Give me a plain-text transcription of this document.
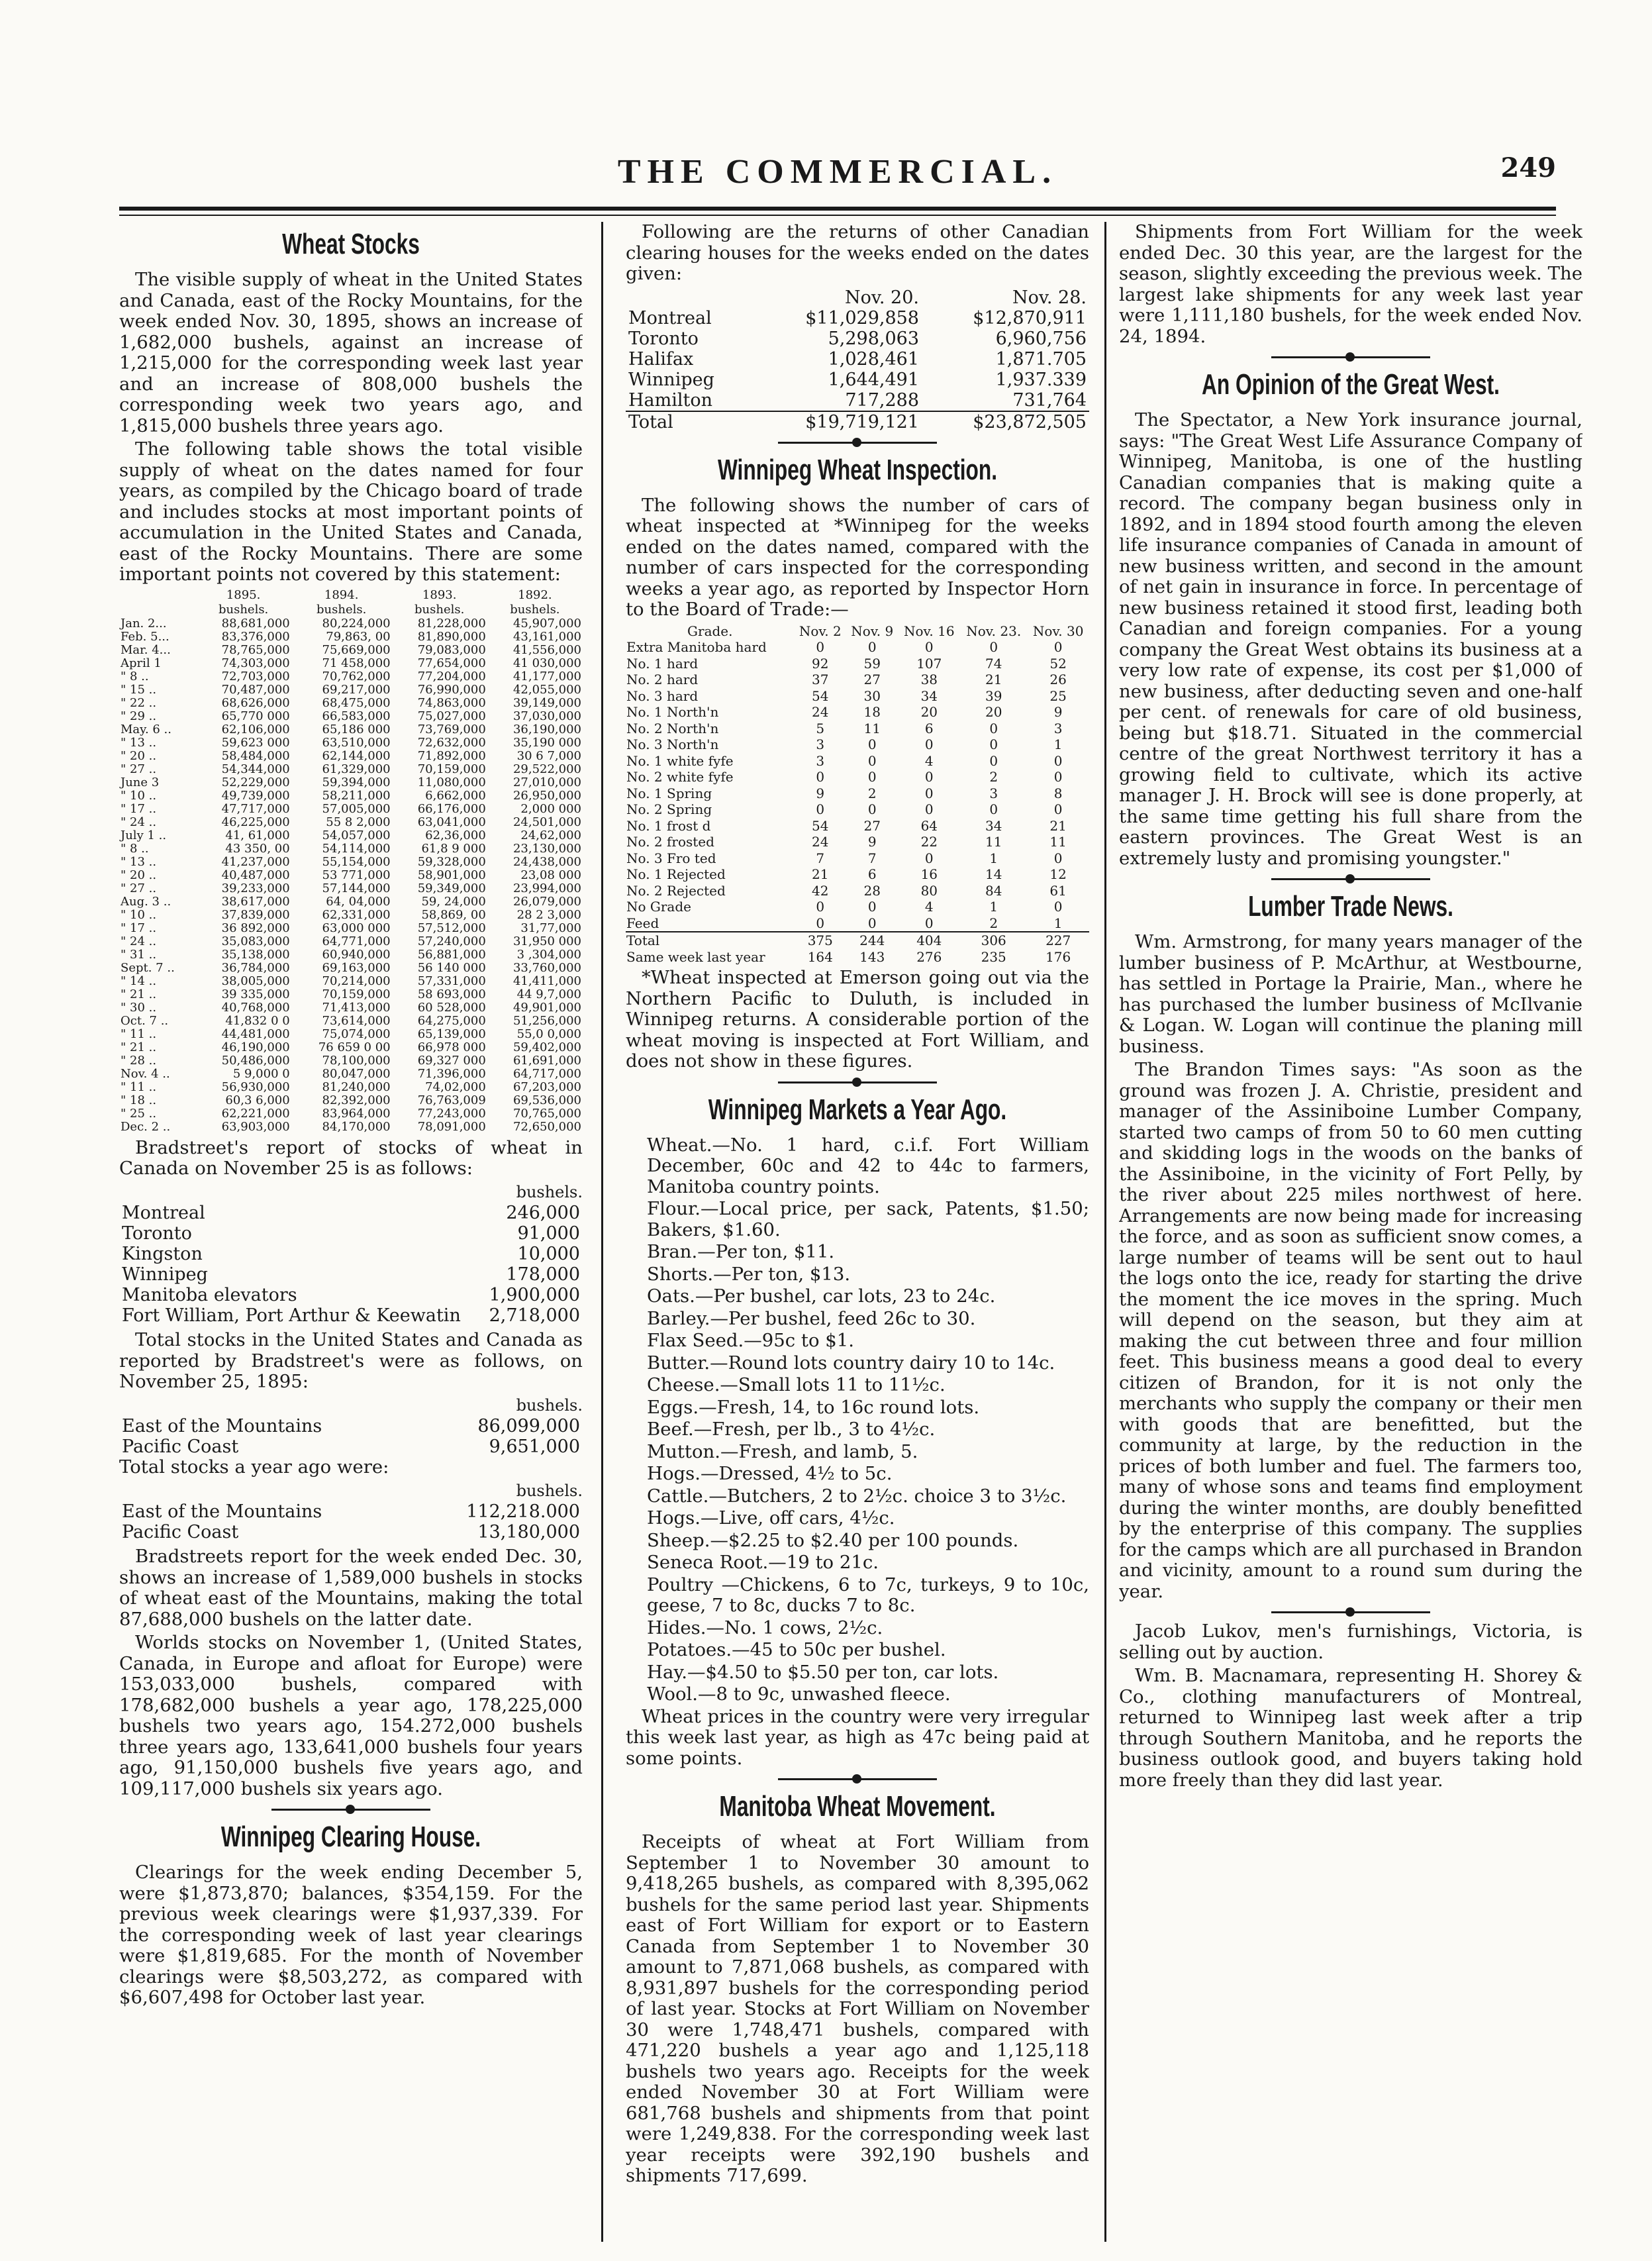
THE COMMERCIAL.	249
Wheat Stocks

The visible supply of wheat in the United States and Canada, east of the Rocky Mountains, for the week ended Nov. 30, 1895, shows an increase of 1,682,000 bushels, against an increase of 1,215,000 for the corresponding week last year and an increase of 808,000 bushels the corresponding week two years ago, and 1,815,000 bushels three years ago.

The following table shows the total visible supply of wheat on the dates named for four years, as compiled by the Chicago board of trade and includes stocks at most important points of accumulation in the United States and Canada, east of the Rocky Mountains. There are some important points not covered by this statement:

	1895.	1894.	1893.	1892.
	bushels.	bushels.	bushels.	bushels.
Jan. 2...	88,681,000	80,224,000	81,228,000	45,907,000
Feb. 5...	83,376,000	79,863, 00	81,890,000	43,161,000
Mar. 4...	78,765,000	75,669,000	79,083,000	41,556,000
April 1	74,303,000	71 458,000	77,654,000	41 030,000
" 8 ..	72,703,000	70,762,000	77,204,000	41,177,000
" 15 ..	70,487,000	69,217,000	76,990,000	42,055,000
" 22 ..	68,626,000	68,475,000	74,863,000	39,149,000
" 29 ..	65,770 000	66,583,000	75,027,000	37,030,000
May. 6 ..	62,106,000	65,186 000	73,769,000	36,190,000
" 13 ..	59,623 000	63,510,000	72,632,000	35,190 000
" 20 ..	58,484,000	62,144,000	71,892,000	30 6 7,000
" 27 ..	54,344,000	61,329,000	70,159,000	29,522,000
June 3	52,229,000	59,394,000	11,080,000	27,010,000
" 10 ..	49,739,000	58,211,000	6,662,000	26,950,000
" 17 ..	47,717,000	57,005,000	66,176,000	2,000 000
" 24 ..	46,225,000	55 8 2,000	63,041,000	24,501,000
July 1 ..	41, 61,000	54,057,000	62,36,000	24,62,000
" 8 ..	43 350, 00	54,114,000	61,8 9 000	23,130,000
" 13 ..	41,237,000	55,154,000	59,328,000	24,438,000
" 20 ..	40,487,000	53 771,000	58,901,000	23,08 000
" 27 ..	39,233,000	57,144,000	59,349,000	23,994,000
Aug. 3 ..	38,617,000	64, 04,000	59, 24,000	26,079,000
" 10 ..	37,839,000	62,331,000	58,869, 00	28 2 3,000
" 17 ..	36 892,000	63,000 000	57,512,000	31,77,000
" 24 ..	35,083,000	64,771,000	57,240,000	31,950 000
" 31 ..	35,138,000	60,940,000	56,881,000	3 ,304,000
Sept. 7 ..	36,784,000	69,163,000	56 140 000	33,760,000
" 14 ..	38,005,000	70,214,000	57,331,000	41,411,000
" 21 ..	39 335,000	70,159,000	58 693,000	44 9,7,000
" 30 ..	40,768,000	71,413,000	60 528,000	49,901,000
Oct. 7 ..	41,832 0 0	73,614,000	64,275,000	51,256,000
" 11 ..	44,481,000	75,074,000	65,139,000	55,0 0,000
" 21 ..	46,190,000	76 659 0 00	66,978 000	59,402,000
" 28 ..	50,486,000	78,100,000	69,327 000	61,691,000
Nov. 4 ..	5 9,000 0	80,047,000	71,396,000	64,717,000
" 11 ..	56,930,000	81,240,000	74,02,000	67,203,000
" 18 ..	60,3 6,000	82,392,000	76,763,009	69,536,000
" 25 ..	62,221,000	83,964,000	77,243,000	70,765,000
Dec. 2 ..	63,903,000	84,170,000	78,091,000	72,650,000

Bradstreet's report of stocks of wheat in Canada on November 25 is as follows:

bushels.
Montreal	246,000
Toronto	91,000
Kingston	10,000
Winnipeg	178,000
Manitoba elevators	1,900,000
Fort William, Port Arthur & Keewatin	2,718,000

Total stocks in the United States and Canada as reported by Bradstreet's were as follows, on November 25, 1895:

bushels.
East of the Mountains	86,099,000
Pacific Coast	9,651,000

Total stocks a year ago were:

bushels.
East of the Mountains	112,218.000
Pacific Coast	13,180,000

Bradstreets report for the week ended Dec. 30, shows an increase of 1,589,000 bushels in stocks of wheat east of the Mountains, making the total 87,688,000 bushels on the latter date.

Worlds stocks on November 1, (United States, Canada, in Europe and afloat for Europe) were 153,033,000 bushels, compared with 178,682,000 bushels a year ago, 178,225,000 bushels two years ago, 154.272,000 bushels three years ago, 133,641,000 bushels four years ago, 91,150,000 bushels five years ago, and 109,117,000 bushels six years ago.

Winnipeg Clearing House.

Clearings for the week ending December 5, were $1,873,870; balances, $354,159. For the previous week clearings were $1,937,339. For the corresponding week of last year clearings were $1,819,685. For the month of November clearings were $8,503,272, as compared with $6,607,498 for October last year.

Following are the returns of other Canadian clearing houses for the weeks ended on the dates given:

	Nov. 20.	Nov. 28.
Montreal	$11,029,858	$12,870,911
Toronto	5,298,063	6,960,756
Halifax	1,028,461	1,871.705
Winnipeg	1,644,491	1,937.339
Hamilton	717,288	731,764
Total	$19,719,121	$23,872,505
Winnipeg Wheat Inspection.

The following shows the number of cars of wheat inspected at *Winnipeg for the weeks ended on the dates named, compared with the number of cars inspected for the corresponding weeks a year ago, as reported by Inspector Horn to the Board of Trade:—

Grade.	Nov. 2	Nov. 9	Nov. 16	Nov. 23.	Nov. 30
Extra Manitoba hard	0	0	0	0	0
No. 1 hard	92	59	107	74	52
No. 2 hard	37	27	38	21	26
No. 3 hard	54	30	34	39	25
No. 1 North'n	24	18	20	20	9
No. 2 North'n	5	11	6	0	3
No. 3 North'n	3	0	0	0	1
No. 1 white fyfe	3	0	4	0	0
No. 2 white fyfe	0	0	0	2	0
No. 1 Spring	9	2	0	3	8
No. 2 Spring	0	0	0	0	0
No. 1 frost d	54	27	64	34	21
No. 2 frosted	24	9	22	11	11
No. 3 Fro ted	7	7	0	1	0
No. 1 Rejected	21	6	16	14	12
No. 2 Rejected	42	28	80	84	61
No Grade	0	0	4	1	0
Feed	0	0	0	2	1
Total	375	244	404	306	227
Same week last year	164	143	276	235	176

*Wheat inspected at Emerson going out via the Northern Pacific to Duluth, is included in Winnipeg returns. A considerable portion of the wheat moving is inspected at Fort William, and does not show in these figures.

Winnipeg Markets a Year Ago.

Wheat.—No. 1 hard, c.i.f. Fort William December, 60c and 42 to 44c to farmers, Manitoba country points.

Flour.—Local price, per sack, Patents, $1.50; Bakers, $1.60.

Bran.—Per ton, $11.

Shorts.—Per ton, $13.

Oats.—Per bushel, car lots, 23 to 24c.

Barley.—Per bushel, feed 26c to 30.

Flax Seed.—95c to $1.

Butter.—Round lots country dairy 10 to 14c.

Cheese.—Small lots 11 to 11½c.

Eggs.—Fresh, 14, to 16c round lots.

Beef.—Fresh, per lb., 3 to 4½c.

Mutton.—Fresh, and lamb, 5.

Hogs.—Dressed, 4½ to 5c.

Cattle.—Butchers, 2 to 2½c. choice 3 to 3½c.

Hogs.—Live, off cars, 4½c.

Sheep.—$2.25 to $2.40 per 100 pounds.

Seneca Root.—19 to 21c.

Poultry —Chickens, 6 to 7c, turkeys, 9 to 10c, geese, 7 to 8c, ducks 7 to 8c.

Hides.—No. 1 cows, 2½c.

Potatoes.—45 to 50c per bushel.

Hay.—$4.50 to $5.50 per ton, car lots.

Wool.—8 to 9c, unwashed fleece.

Wheat prices in the country were very irregular this week last year, as high as 47c being paid at some points.

Manitoba Wheat Movement.

Receipts of wheat at Fort William from September 1 to November 30 amount to 9,418,265 bushels, as compared with 8,395,062 bushels for the same period last year. Shipments east of Fort William for export or to Eastern Canada from September 1 to November 30 amount to 7,871,068 bushels, as compared with 8,931,897 bushels for the corresponding period of last year. Stocks at Fort William on November 30 were 1,748,471 bushels, compared with 471,220 bushels a year ago and 1,125,118 bushels two years ago. Receipts for the week ended November 30 at Fort William were 681,768 bushels and shipments from that point were 1,249,838. For the corresponding week last year receipts were 392,190 bushels and shipments 717,699.

Shipments from Fort William for the week ended Dec. 30 this year, are the largest for the season, slightly exceeding the previous week. The largest lake shipments for any week last year were 1,111,180 bushels, for the week ended Nov. 24, 1894.

An Opinion of the Great West.

The Spectator, a New York insurance journal, says: "The Great West Life Assurance Company of Winnipeg, Manitoba, is one of the hustling Canadian companies that is making quite a record. The company began business only in 1892, and in 1894 stood fourth among the eleven life insurance companies of Canada in amount of new business written, and second in the amount of net gain in insurance in force. In percentage of new business retained it stood first, leading both Canadian and foreign companies. For a young company the Great West obtains its business at a very low rate of expense, its cost per $1,000 of new business, after deducting seven and one-half per cent. of renewals for care of old business, being but $18.71. Situated in the commercial centre of the great Northwest territory it has a growing field to cultivate, which its active manager J. H. Brock will see is done properly, at the same time getting his full share from the eastern provinces. The Great West is an extremely lusty and promising youngster."

Lumber Trade News.

Wm. Armstrong, for many years manager of the lumber business of P. McArthur, at Westbourne, has settled in Portage la Prairie, Man., where he has purchased the lumber business of McIlvanie & Logan. W. Logan will continue the planing mill business.

The Brandon Times says: "As soon as the ground was frozen J. A. Christie, president and manager of the Assiniboine Lumber Company, started two camps of from 50 to 60 men cutting and skidding logs in the woods on the banks of the Assiniboine, in the vicinity of Fort Pelly, by the river about 225 miles northwest of here. Arrangements are now being made for increasing the force, and as soon as sufficient snow comes, a large number of teams will be sent out to haul the logs onto the ice, ready for starting the drive the moment the ice moves in the spring. Much will depend on the season, but they aim at making the cut between three and four million feet. This business means a good deal to every citizen of Brandon, for it is not only the merchants who supply the company or their men with goods that are benefitted, but the community at large, by the reduction in the prices of both lumber and fuel. The farmers too, many of whose sons and teams find employment during the winter months, are doubly benefitted by the enterprise of this company. The supplies for the camps which are all purchased in Brandon and vicinity, amount to a round sum during the year.

Jacob Lukov, men's furnishings, Victoria, is selling out by auction.

Wm. B. Macnamara, representing H. Shorey & Co., clothing manufacturers of Montreal, returned to Winnipeg last week after a trip through Southern Manitoba, and he reports the business outlook good, and buyers taking hold more freely than they did last year.
